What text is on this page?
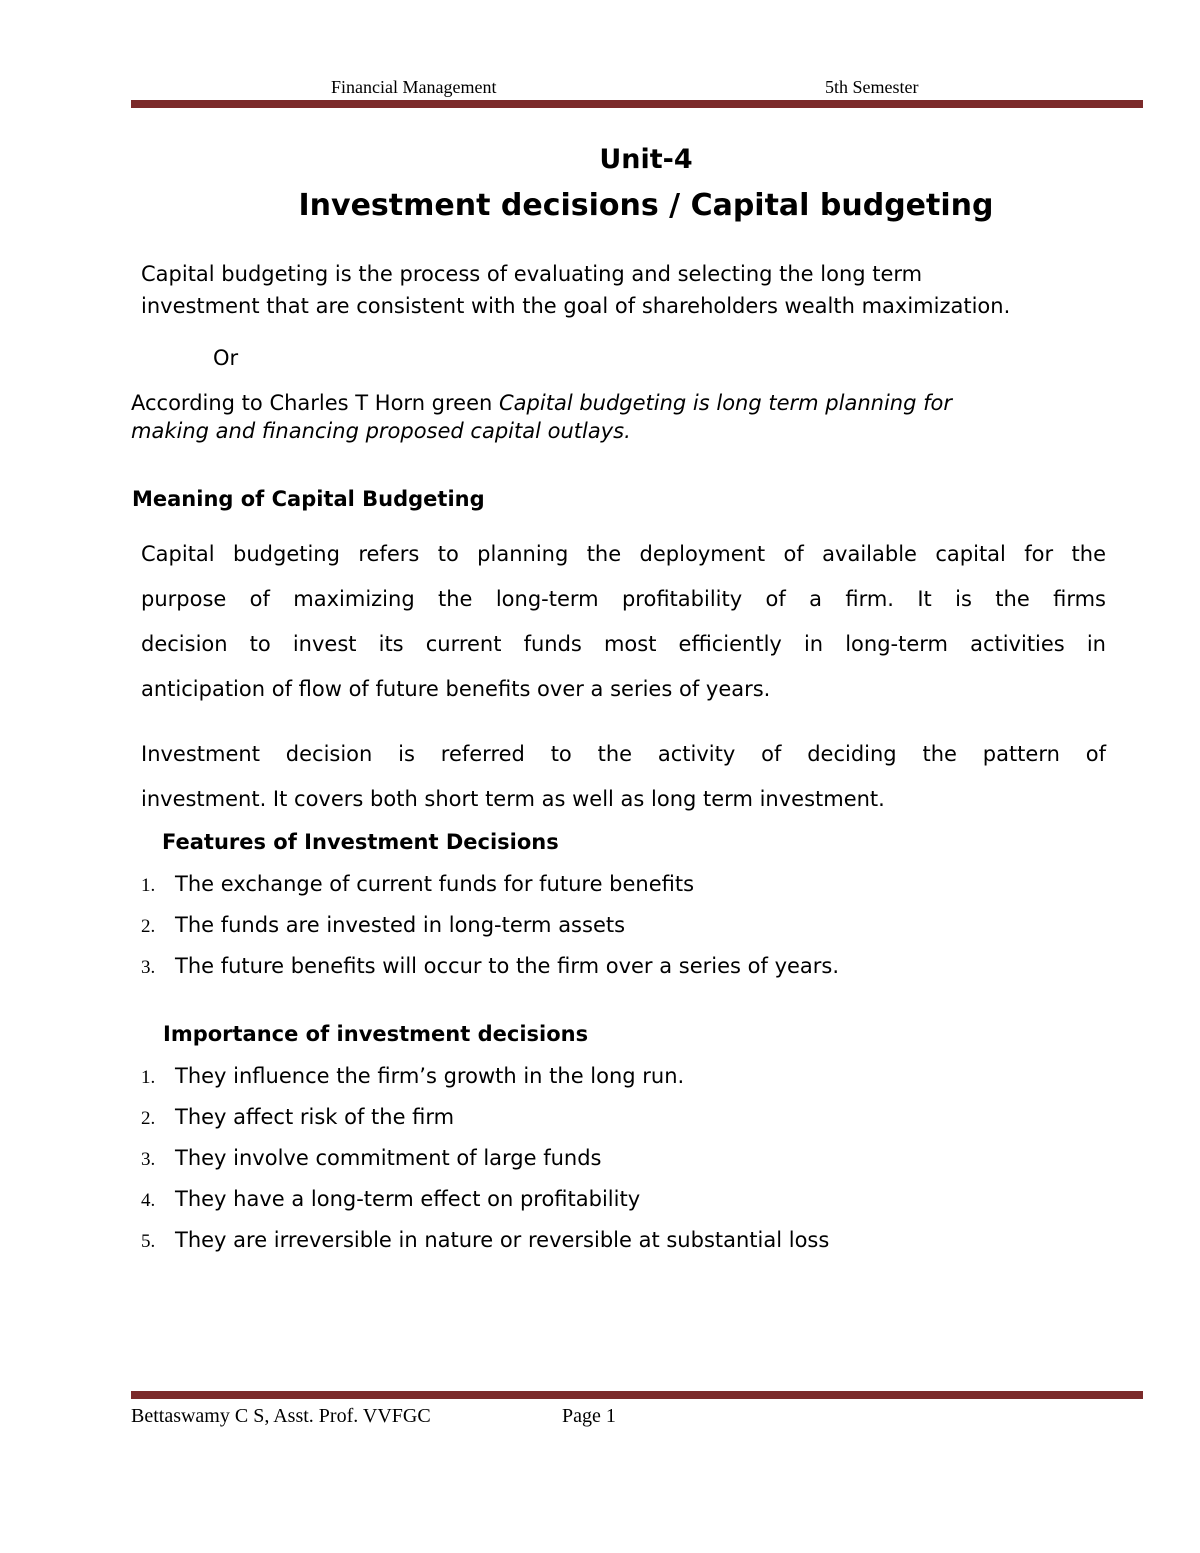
Financial Management	5th Semester
Unit-4
Investment decisions / Capital budgeting
Capital budgeting is the process of evaluating and selecting the long term
investment that are consistent with the goal of shareholders wealth maximization.
Or
According to Charles T Horn green Capital budgeting is long term planning for
making and financing proposed capital outlays.
Meaning of Capital Budgeting
Capital budgeting refers to planning the deployment of available capital for the
purpose of maximizing the long-term profitability of a firm. It is the firms
decision to invest its current funds most efficiently in long-term activities in
anticipation of flow of future benefits over a series of years.
Investment decision is referred to the activity of deciding the pattern of
investment. It covers both short term as well as long term investment.
Features of Investment Decisions
1. The exchange of current funds for future benefits
2. The funds are invested in long-term assets
3. The future benefits will occur to the firm over a series of years.
Importance of investment decisions
1. They influence the firm’s growth in the long run.
2. They affect risk of the firm
3. They involve commitment of large funds
4. They have a long-term effect on profitability
5. They are irreversible in nature or reversible at substantial loss
Bettaswamy C S, Asst. Prof. VVFGC	Page 1
